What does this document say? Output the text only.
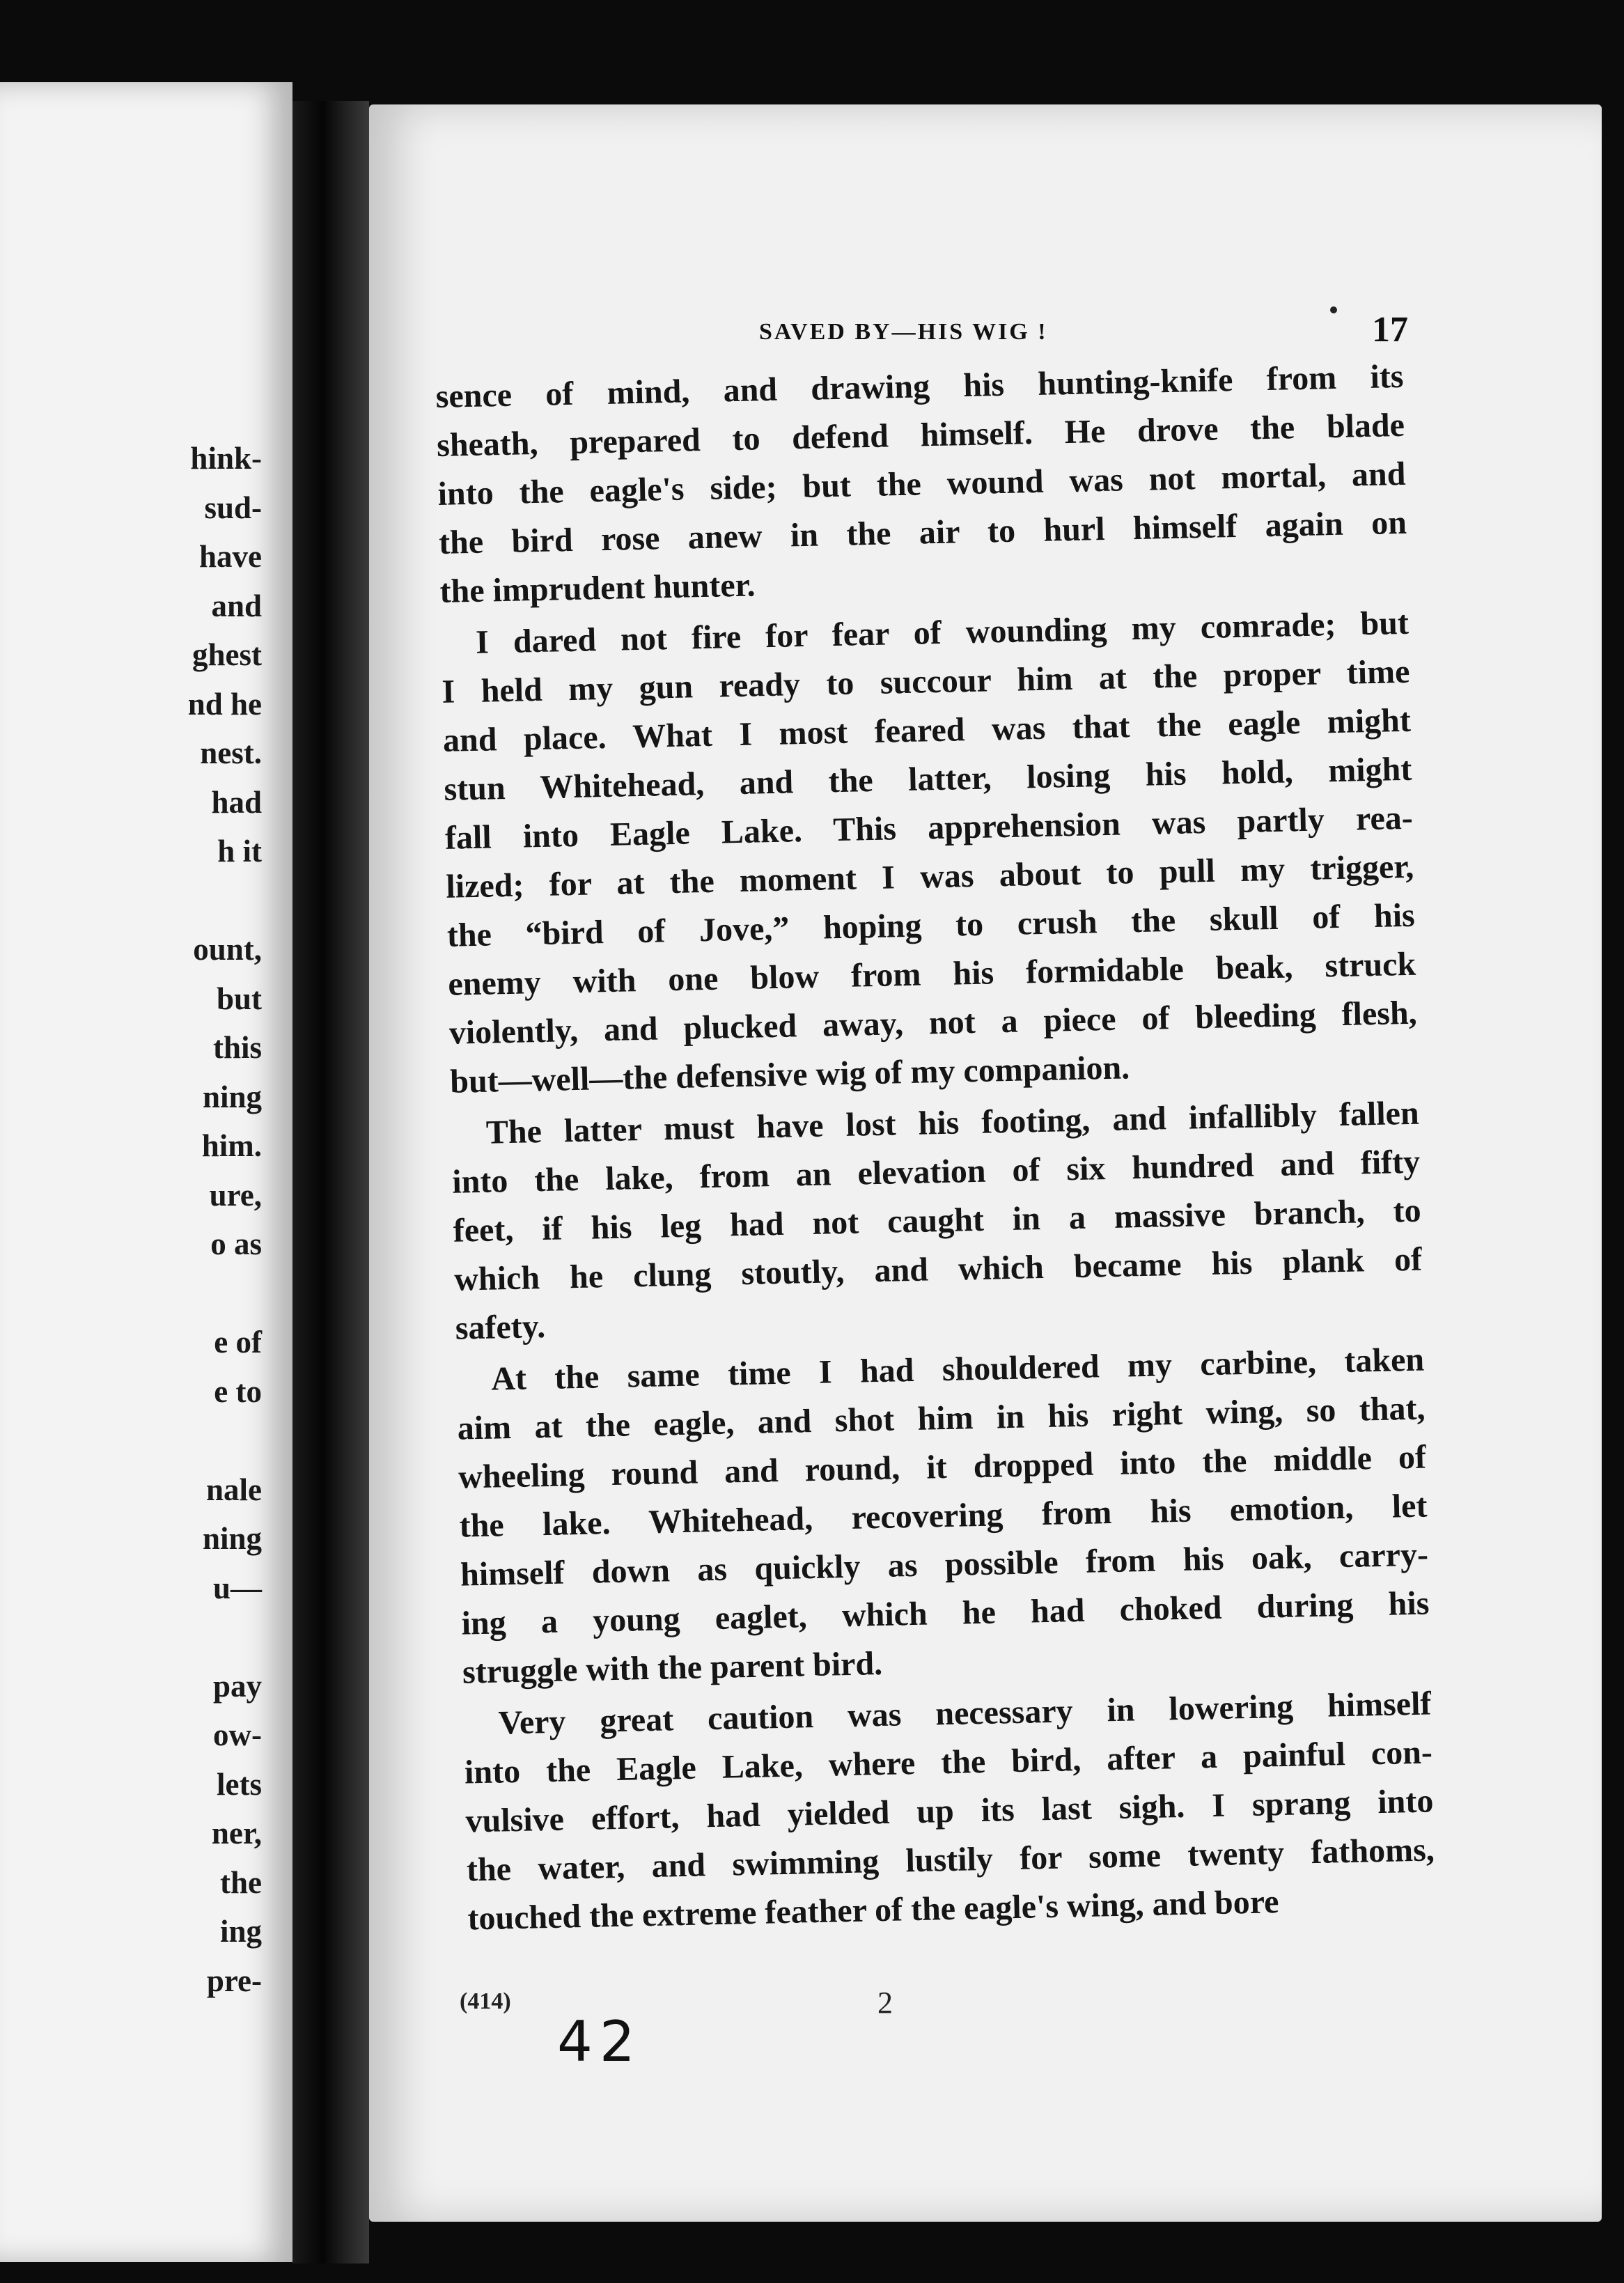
hink-
sud-
have
and
ghest
nd he
nest.
had
h it
ount,
but
this
ning
him.
ure,
o as
e of
e to
nale
ning
u—
pay
ow-
lets
ner,
the
ing
pre-
SAVED BY—HIS WIG !	17
sence of mind, and drawing his hunting-knife from its
sheath, prepared to defend himself. He drove the blade
into the eagle's side; but the wound was not mortal, and
the bird rose anew in the air to hurl himself again on
the imprudent hunter.
I dared not fire for fear of wounding my comrade; but
I held my gun ready to succour him at the proper time
and place. What I most feared was that the eagle might
stun Whitehead, and the latter, losing his hold, might
fall into Eagle Lake. This apprehension was partly rea-
lized; for at the moment I was about to pull my trigger,
the “bird of Jove,” hoping to crush the skull of his
enemy with one blow from his formidable beak, struck
violently, and plucked away, not a piece of bleeding flesh,
but—well—the defensive wig of my companion.
The latter must have lost his footing, and infallibly fallen
into the lake, from an elevation of six hundred and fifty
feet, if his leg had not caught in a massive branch, to
which he clung stoutly, and which became his plank of
safety.
At the same time I had shouldered my carbine, taken
aim at the eagle, and shot him in his right wing, so that,
wheeling round and round, it dropped into the middle of
the lake. Whitehead, recovering from his emotion, let
himself down as quickly as possible from his oak, carry-
ing a young eaglet, which he had choked during his
struggle with the parent bird.
Very great caution was necessary in lowering himself
into the Eagle Lake, where the bird, after a painful con-
vulsive effort, had yielded up its last sigh. I sprang into
the water, and swimming lustily for some twenty fathoms,
touched the extreme feather of the eagle's wing, and bore
(414)	2
42
